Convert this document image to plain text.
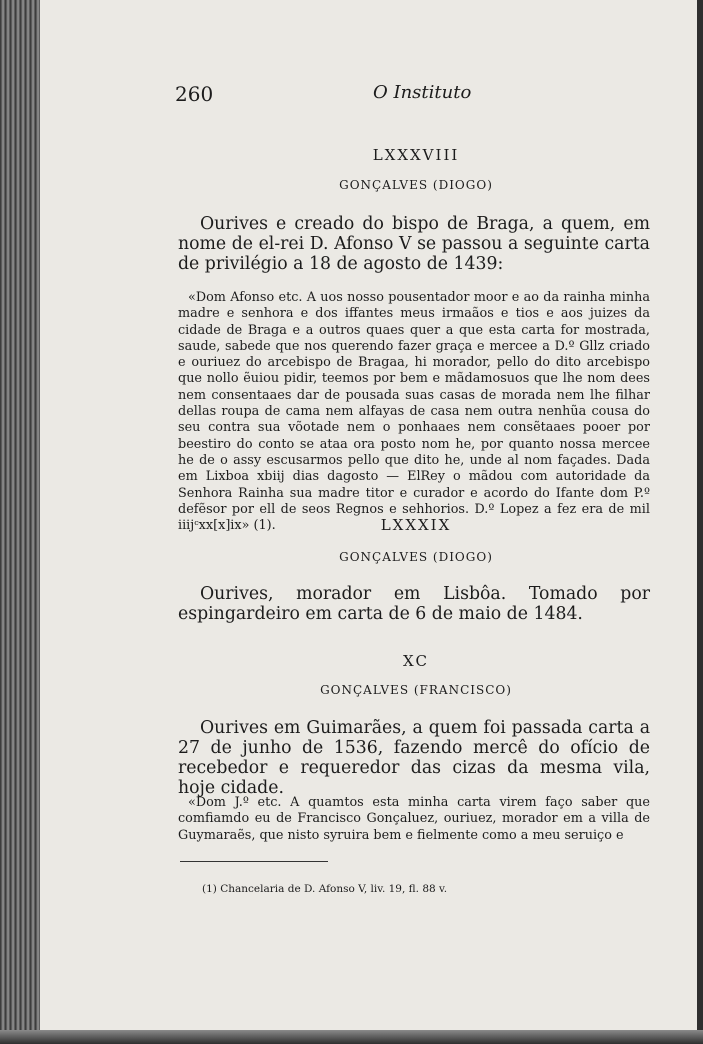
260	O Instituto
LXXXVIII
GONÇALVES (DIOGO)
Ourives e creado do bispo de Braga, a quem, em nome de el-rei D. Afonso V se passou a seguinte carta de privilégio a 18 de agosto de 1439:
«Dom Afonso etc. A uos nosso pousentador moor e ao da rainha minha madre e senhora e dos iffantes meus irmaãos e tios e aos juizes da cidade de Braga e a outros quaes quer a que esta carta for mostrada, saude, sabede que nos querendo fazer graça e mercee a D.º Gllz criado e ouriuez do arcebispo de Bragaa, hi morador, pello do dito arcebispo que nollo ẽuiou pidir, teemos por bem e mãdamosuos que lhe nom dees nem consentaaes dar de pousada suas casas de morada nem lhe filhar dellas roupa de cama nem alfayas de casa nem outra nenhũa cousa do seu contra sua võotade nem o ponhaaes nem consẽtaaes pooer por beestiro do conto se ataa ora posto nom he, por quanto nossa mercee he de o assy escusarmos pello que dito he, unde al nom façades. Dada em Lixboa xbiij dias dagosto — ElRey o mãdou com autoridade da Senhora Rainha sua madre titor e curador e acordo do Ifante dom P.º defẽsor por ell de seos Regnos e sehhorios. D.º Lopez a fez era de mil iiijᶜxx[x]ix» (1).	LXXXIX
GONÇALVES (DIOGO)
Ourives, morador em Lisbôa. Tomado por espingardeiro em carta de 6 de maio de 1484.
XC
GONÇALVES (FRANCISCO)
Ourives em Guimarães, a quem foi passada carta a 27 de junho de 1536, fazendo mercê do ofício de recebedor e requeredor das cizas da mesma vila, hoje cidade.
«Dom J.º etc. A quamtos esta minha carta virem faço saber que comfiamdo eu de Francisco Gonçaluez, ouriuez, morador em a villa de Guymaraẽs, que nisto syruira bem e fielmente como a meu seruiço e
(1) Chancelaria de D. Afonso V, liv. 19, fl. 88 v.
